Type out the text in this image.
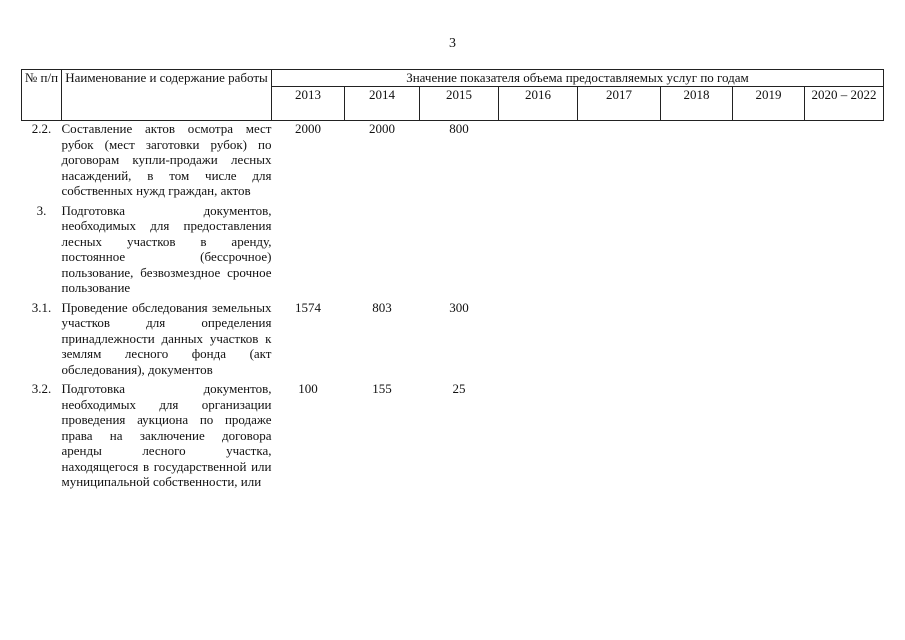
3
№ п/п	Наименование и содержание работы	Значение показателя объема предоставляемых услуг по годам							
		2013	2014	2015	2016	2017	2018	2019	2020 – 2022
2.2.	Составление актов осмотра мест рубок (мест заготовки рубок) по договорам купли-продажи лесных насаждений, в том числе для собственных нужд граждан, актов	2000	2000	800					
3.	Подготовка документов, необходимых для предоставления лесных участков в аренду, постоянное (бессрочное) пользование, безвозмездное срочное пользование								
3.1.	Проведение обследования земельных участков для определения принадлежности данных участков к землям лесного фонда (акт обследования), документов	1574	803	300					
3.2.	Подготовка документов, необходимых для организации проведения аукциона по продаже права на заключение договора аренды лесного участка, находящегося в государственной или муниципальной собственности, или	100	155	25					
